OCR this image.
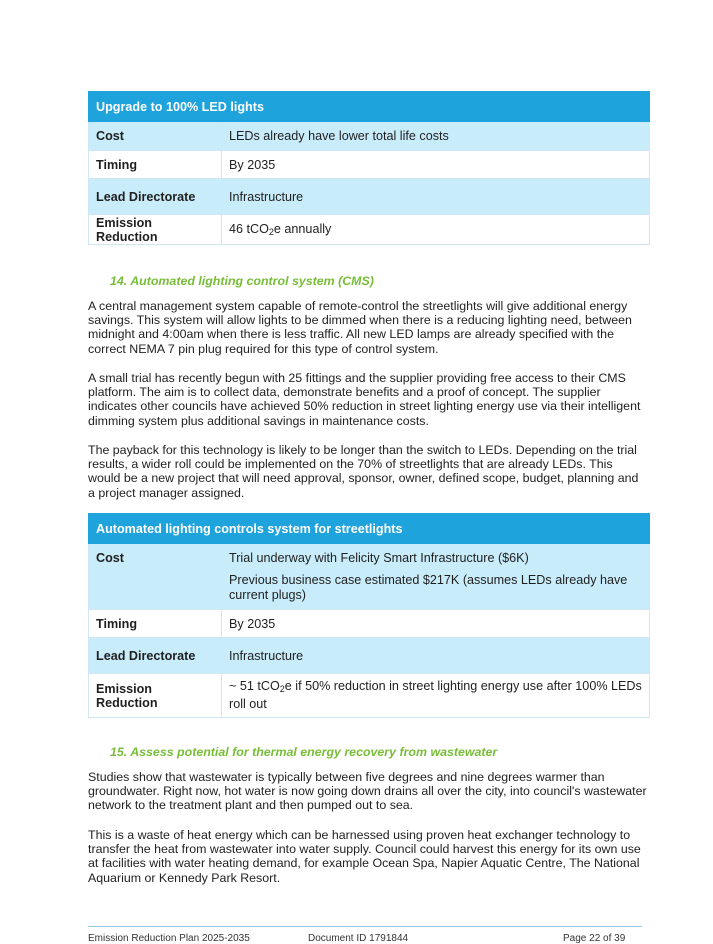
Upgrade to 100% LED lights	
Cost	LEDs already have lower total life costs
Timing	By 2035
Lead Directorate	Infrastructure
Emission Reduction	46 tCO$_2$e annually
14. Automated lighting control system (CMS)

A central management system capable of remote-control the streetlights will give additional energy savings. This system will allow lights to be dimmed when there is a reducing lighting need, between midnight and 4:00am when there is less traffic. All new LED lamps are already specified with the correct NEMA 7 pin plug required for this type of control system.

A small trial has recently begun with 25 fittings and the supplier providing free access to their CMS platform. The aim is to collect data, demonstrate benefits and a proof of concept. The supplier indicates other councils have achieved 50% reduction in street lighting energy use via their intelligent dimming system plus additional savings in maintenance costs.

The payback for this technology is likely to be longer than the switch to LEDs. Depending on the trial results, a wider roll could be implemented on the 70% of streetlights that are already LEDs. This would be a new project that will need approval, sponsor, owner, defined scope, budget, planning and a project manager assigned.

Automated lighting controls system for streetlights	
Cost	Trial underway with Felicity Smart Infrastructure ($6K)

Previous business case estimated $217K (assumes LEDs already have current plugs)

Timing	By 2035
Lead Directorate	Infrastructure
Emission Reduction	~ 51 tCO$_2$e if 50% reduction in street lighting energy use after 100% LEDs roll out
15. Assess potential for thermal energy recovery from wastewater

Studies show that wastewater is typically between five degrees and nine degrees warmer than groundwater. Right now, hot water is now going down drains all over the city, into council's wastewater network to the treatment plant and then pumped out to sea.

This is a waste of heat energy which can be harnessed using proven heat exchanger technology to transfer the heat from wastewater into water supply. Council could harvest this energy for its own use at facilities with water heating demand, for example Ocean Spa, Napier Aquatic Centre, The National Aquarium or Kennedy Park Resort.

Emission Reduction Plan 2025-2035	Document ID 1791844	Page 22 of 39
